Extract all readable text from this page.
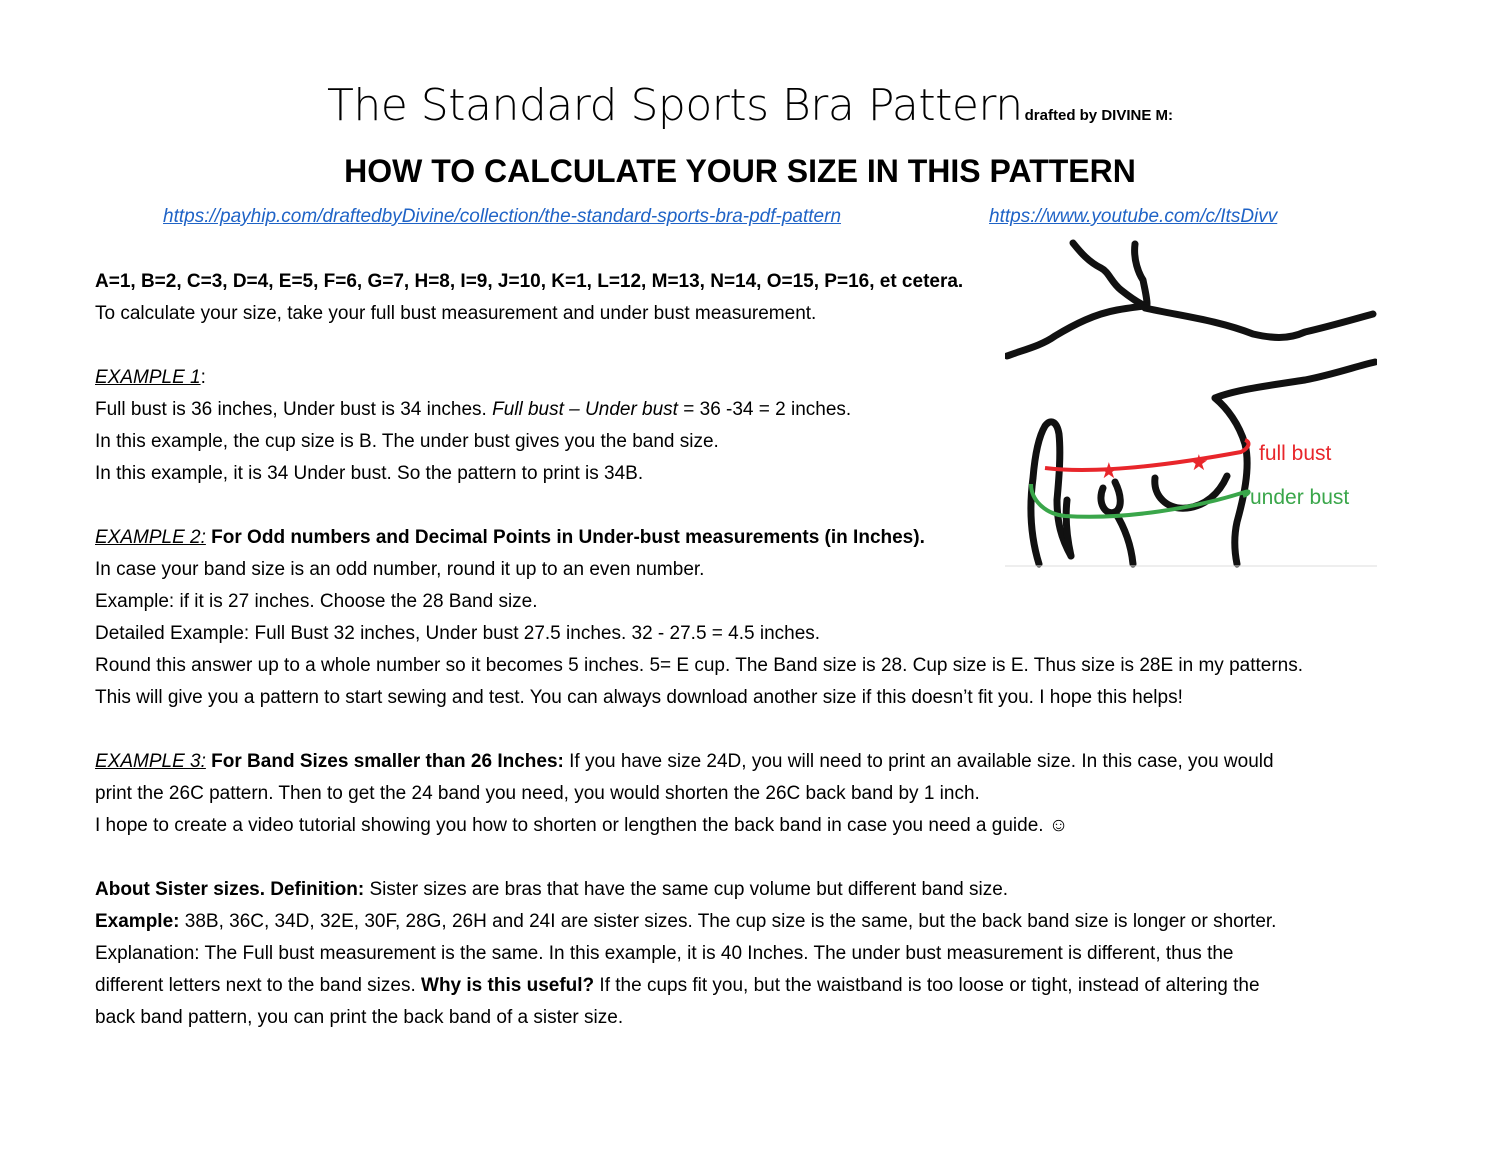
The Standard Sports Bra Pattern drafted by DIVINE M:
HOW TO CALCULATE YOUR SIZE IN THIS PATTERN
https://payhip.com/draftedbyDivine/collection/the-standard-sports-bra-pdf-pattern	https://www.youtube.com/c/ItsDivv

A=1, B=2, C=3, D=4, E=5, F=6, G=7, H=8, I=9, J=10, K=1, L=12, M=13, N=14, O=15, P=16, et cetera.

To calculate your size, take your full bust measurement and under bust measurement.

EXAMPLE 1:

Full bust is 36 inches, Under bust is 34 inches. Full bust – Under bust = 36 -34 = 2 inches.

In this example, the cup size is B. The under bust gives you the band size.

In this example, it is 34 Under bust. So the pattern to print is 34B.

EXAMPLE 2: For Odd numbers and Decimal Points in Under-bust measurements (in Inches).

In case your band size is an odd number, round it up to an even number.

Example: if it is 27 inches. Choose the 28 Band size.

Detailed Example: Full Bust 32 inches, Under bust 27.5 inches. 32 - 27.5 = 4.5 inches.

Round this answer up to a whole number so it becomes 5 inches. 5= E cup. The Band size is 28. Cup size is E. Thus size is 28E in my patterns.

This will give you a pattern to start sewing and test. You can always download another size if this doesn’t fit you. I hope this helps!

EXAMPLE 3: For Band Sizes smaller than 26 Inches: If you have size 24D, you will need to print an available size. In this case, you would

print the 26C pattern. Then to get the 24 band you need, you would shorten the 26C back band by 1 inch.

I hope to create a video tutorial showing you how to shorten or lengthen the back band in case you need a guide. ☺

About Sister sizes. Definition: Sister sizes are bras that have the same cup volume but different band size.

Example: 38B, 36C, 34D, 32E, 30F, 28G, 26H and 24I are sister sizes. The cup size is the same, but the back band size is longer or shorter.

Explanation: The Full bust measurement is the same. In this example, it is 40 Inches. The under bust measurement is different, thus the

different letters next to the band sizes. Why is this useful? If the cups fit you, but the waistband is too loose or tight, instead of altering the

back band pattern, you can print the back band of a sister size.

★	★ full bust
under bust
